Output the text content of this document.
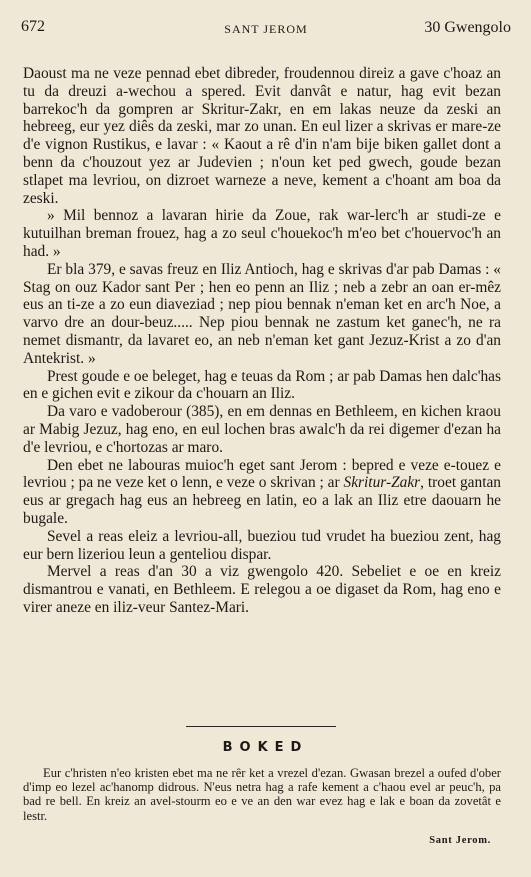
672	SANT JEROM	30 Gwengolo

Daoust ma ne veze pennad ebet dibreder, froudennou direiz a gave c'hoaz an tu da dreuzi a-wechou a spered. Evit danvât e natur, hag evit bezan barrekoc'h da gompren ar Skritur-Zakr, en em lakas neuze da zeski an hebreeg, eur yez diês da zeski, mar zo unan. En eul lizer a skrivas er mare-ze d'e vignon Rustikus, e lavar : « Kaout a rê d'in n'am bije biken gallet dont a benn da c'houzout yez ar Judevien ; n'oun ket ped gwech, goude bezan stlapet ma levriou, on dizroet warneze a neve, kement a c'hoant am boa da zeski.

» Mil bennoz a lavaran hirie da Zoue, rak war-lerc'h ar studi-ze e kutuilhan breman frouez, hag a zo seul c'houekoc'h m'eo bet c'houervoc'h an had. »

Er bla 379, e savas freuz en Iliz Antioch, hag e skrivas d'ar pab Damas : « Stag on ouz Kador sant Per ; hen eo penn an Iliz ; neb a zebr an oan er-mêz eus an ti-ze a zo eun diaveziad ; nep piou bennak n'eman ket en arc'h Noe, a varvo dre an dour-beuz..... Nep piou bennak ne zastum ket ganec'h, ne ra nemet dismantr, da lavaret eo, an neb n'eman ket gant Jezuz-Krist a zo d'an Antekrist. »

Prest goude e oe beleget, hag e teuas da Rom ; ar pab Damas hen dalc'has en e gichen evit e zikour da c'houarn an Iliz.

Da varo e vadoberour (385), en em dennas en Bethleem, en kichen kraou ar Mabig Jezuz, hag eno, en eul lochen bras awalc'h da rei digemer d'ezan ha d'e levriou, e c'hortozas ar maro.

Den ebet ne labouras muioc'h eget sant Jerom : bepred e veze e-touez e levriou ; pa ne veze ket o lenn, e veze o skrivan ; ar Skritur-Zakr, troet gantan eus ar gregach hag eus an hebreeg en latin, eo a lak an Iliz etre daouarn he bugale.

Sevel a reas eleiz a levriou-all, bueziou tud vrudet ha bueziou zent, hag eur bern lizeriou leun a genteliou dispar.

Mervel a reas d'an 30 a viz gwengolo 420. Sebeliet e oe en kreiz dismantrou e vanati, en Bethleem. E relegou a oe digaset da Rom, hag eno e virer aneze en iliz-veur Santez-Mari.

BOKED

Eur c'hristen n'eo kristen ebet ma ne rêr ket a vrezel d'ezan. Gwasan brezel a oufed d'ober d'imp eo lezel ac'hanomp didrous. N'eus netra hag a rafe kement a c'haou evel ar peuc'h, pa bad re bell. En kreiz an avel-stourm eo e ve an den war evez hag e lak e boan da zovetât e lestr.

Sant Jerom.
